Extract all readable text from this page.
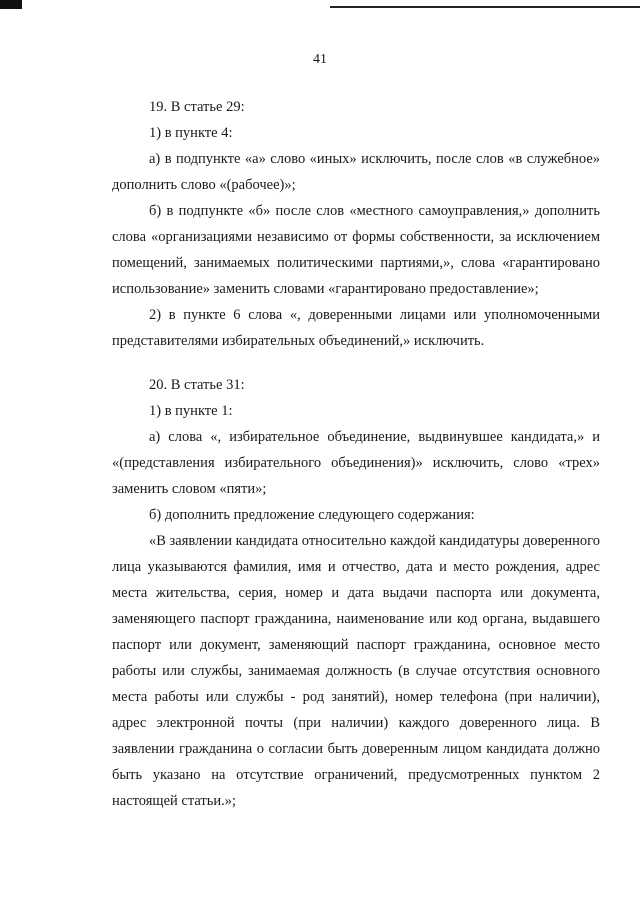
41

19. В статье 29:

1) в пункте 4:

а) в подпункте «а» слово «иных» исключить, после слов «в служебное» дополнить слово «(рабочее)»;

б) в подпункте «б» после слов «местного самоуправления,» дополнить слова «организациями независимо от формы собственности, за исключением помещений, занимаемых политическими партиями,», слова «гарантировано использование» заменить словами «гарантировано предоставление»;

2) в пункте 6 слова «, доверенными лицами или уполномоченными представителями избирательных объединений,» исключить.

20. В статье 31:

1) в пункте 1:

а) слова «, избирательное объединение, выдвинувшее кандидата,» и «(представления избирательного объединения)» исключить, слово «трех» заменить словом «пяти»;

б) дополнить предложение следующего содержания:

«В заявлении кандидата относительно каждой кандидатуры доверенного лица указываются фамилия, имя и отчество, дата и место рождения, адрес места жительства, серия, номер и дата выдачи паспорта или документа, заменяющего паспорт гражданина, наименование или код органа, выдавшего паспорт или документ, заменяющий паспорт гражданина, основное место работы или службы, занимаемая должность (в случае отсутствия основного места работы или службы - род занятий), номер телефона (при наличии), адрес электронной почты (при наличии) каждого доверенного лица. В заявлении гражданина о согласии быть доверенным лицом кандидата должно быть указано на отсутствие ограничений, предусмотренных пунктом 2 настоящей статьи.»;
